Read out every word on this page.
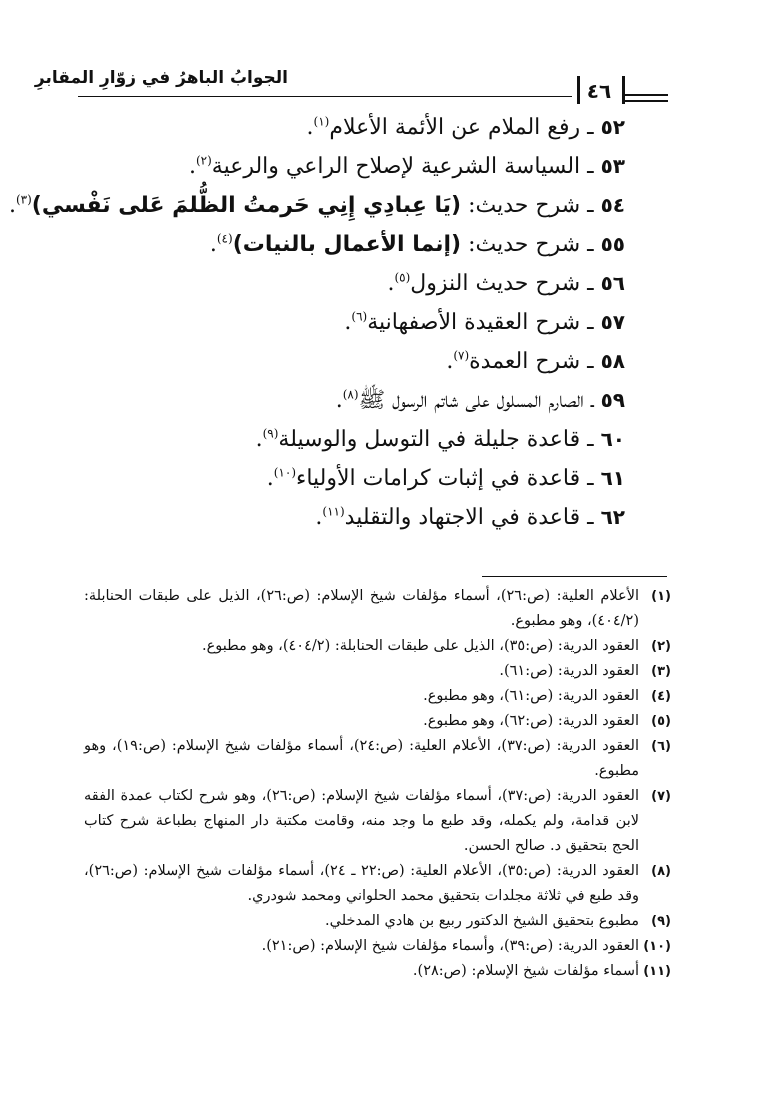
الجوابُ الباهرُ في زوّارِ المقابرِ
٤٦
٥٢ ـ رفع الملام عن الأئمة الأعلام$^{(١)}$.
٥٣ ـ السياسة الشرعية لإصلاح الراعي والرعية$^{(٢)}$.
٥٤ ـ شرح حديث: (يَا عِبادِي إِنِي حَرمتُ الظُّلمَ عَلى نَفْسي)$^{(٣)}$.
٥٥ ـ شرح حديث: (إنما الأعمال بالنيات)$^{(٤)}$.
٥٦ ـ شرح حديث النزول$^{(٥)}$.
٥٧ ـ شرح العقيدة الأصفهانية$^{(٦)}$.
٥٨ ـ شرح العمدة$^{(٧)}$.
٥٩ ـ الصارم المسلول على شاتم الرسول ﷺ$^{(٨)}$.
٦٠ ـ قاعدة جليلة في التوسل والوسيلة$^{(٩)}$.
٦١ ـ قاعدة في إثبات كرامات الأولياء$^{(١٠)}$.
٦٢ ـ قاعدة في الاجتهاد والتقليد$^{(١١)}$.
(١)
الأعلام العلية: (ص:٢٦)، أسماء مؤلفات شيخ الإسلام: (ص:٢٦)، الذيل على طبقات الحنابلة: (٤٠٤/٢)، وهو مطبوع.
(٢)
العقود الدرية: (ص:٣٥)، الذيل على طبقات الحنابلة: (٤٠٤/٢)، وهو مطبوع.
(٣)
العقود الدرية: (ص:٦١).
(٤)
العقود الدرية: (ص:٦١)، وهو مطبوع.
(٥)
العقود الدرية: (ص:٦٢)، وهو مطبوع.
(٦)
العقود الدرية: (ص:٣٧)، الأعلام العلية: (ص:٢٤)، أسماء مؤلفات شيخ الإسلام: (ص:١٩)، وهو مطبوع.
(٧)
العقود الدرية: (ص:٣٧)، أسماء مؤلفات شيخ الإسلام: (ص:٢٦)، وهو شرح لكتاب عمدة الفقه لابن قدامة، ولم يكمله، وقد طبع ما وجد منه، وقامت مكتبة دار المنهاج بطباعة شرح كتاب الحج بتحقيق د. صالح الحسن.
(٨)
العقود الدرية: (ص:٣٥)، الأعلام العلية: (ص:٢٢ ـ ٢٤)، أسماء مؤلفات شيخ الإسلام: (ص:٢٦)، وقد طبع في ثلاثة مجلدات بتحقيق محمد الحلواني ومحمد شودري.
(٩)
مطبوع بتحقيق الشيخ الدكتور ربيع بن هادي المدخلي.
(١٠)
العقود الدرية: (ص:٣٩)، وأسماء مؤلفات شيخ الإسلام: (ص:٢١).
(١١)
أسماء مؤلفات شيخ الإسلام: (ص:٢٨).
